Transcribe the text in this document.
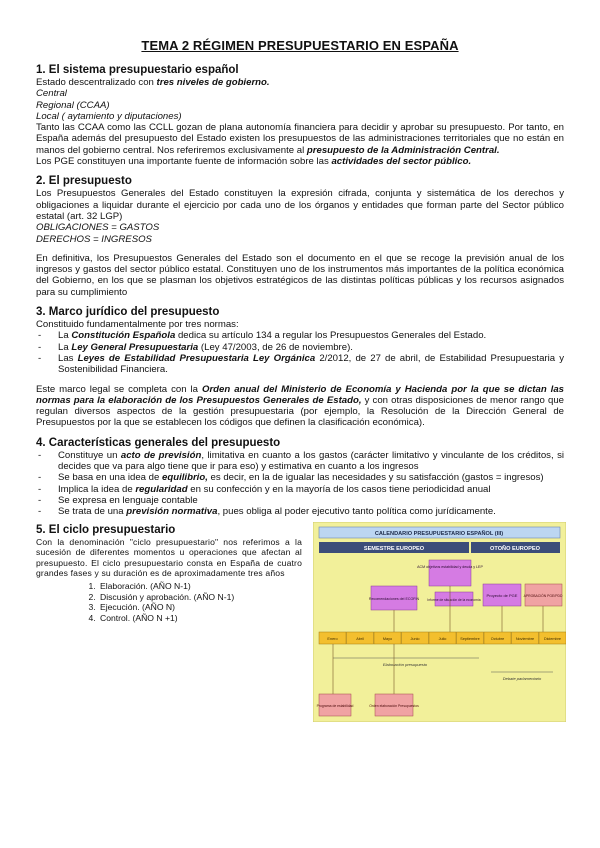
TEMA 2 RÉGIMEN PRESUPUESTARIO EN ESPAÑA
1. El sistema presupuestario español
Estado descentralizado con tres niveles de gobierno.
Central
Regional (CCAA)
Local ( aytamiento y diputaciones)
Tanto las CCAA como las CCLL gozan de plana autonomía financiera para decidir y aprobar su presupuesto. Por tanto, en España además del presupuesto del Estado existen los presupuestos de las administraciones territoriales que no están en manos del gobierno central. Nos referiremos exclusivamente al presupuesto de la Administración Central.
Los PGE constituyen una importante fuente de información sobre las actividades del sector público.
2. El presupuesto
Los Presupuestos Generales del Estado constituyen la expresión cifrada, conjunta y sistemática de los derechos y obligaciones a liquidar durante el ejercicio por cada uno de los órganos y entidades que forman parte del Sector público estatal (art. 32 LGP)
OBLIGACIONES = GASTOS
DERECHOS = INGRESOS
En definitiva, los Presupuestos Generales del Estado son el documento en el que se recoge la previsión anual de los ingresos y gastos del sector público estatal. Constituyen uno de los instrumentos más importantes de la política económica del Gobierno, en los que se plasman los objetivos estratégicos de las distintas políticas públicas y los recursos asignados para su cumplimiento
3. Marco jurídico del presupuesto
Constituido fundamentalmente por tres normas:
- La Constitución Española dedica su artículo 134 a regular los Presupuestos Generales del Estado.
- La Ley General Presupuestaria (Ley 47/2003, de 26 de noviembre).
- Las Leyes de Estabilidad Presupuestaria Ley Orgánica 2/2012, de 27 de abril, de Estabilidad Presupuestaria y Sostenibilidad Financiera.
Este marco legal se completa con la Orden anual del Ministerio de Economía y Hacienda por la que se dictan las normas para la elaboración de los Presupuestos Generales de Estado, y con otras disposiciones de menor rango que regulan diversos aspectos de la gestión presupuestaria (por ejemplo, la Resolución de la Dirección General de Presupuestos por la que se establecen los códigos que definen la clasificación económica).
4. Características generales del presupuesto
- Constituye un acto de previsión, limitativa en cuanto a los gastos (carácter limitativo y vinculante de los créditos, si decides que va para algo tiene que ir para eso) y estimativa en cuanto a los ingresos
- Se basa en una idea de equilibrio, es decir, en la de igualar las necesidades y su satisfacción (gastos = ingresos)
- Implica la idea de regularidad en su confección y en la mayoría de los casos tiene periodicidad anual
- Se expresa en lenguaje contable
- Se trata de una previsión normativa, pues obliga al poder ejecutivo tanto política como jurídicamente.
5. El ciclo presupuestario
Con la denominación "ciclo presupuestario" nos referimos a la sucesión de diferentes momentos u operaciones que afectan al presupuesto. El ciclo presupuestario consta en España de cuatro grandes fases y su duración es de aproximadamente tres años
1. Elaboración. (AÑO N-1)
2. Discusión y aprobación. (AÑO N-1)
3. Ejecución. (AÑO N)
4. Control. (AÑO N +1)
CALENDARIO PRESUPUESTARIO ESPAÑOL (III)
SEMESTRE EUROPEO	OTOÑO EUROPEO
ACM objetivos estabilidad y deuda y LEP
Recomendaciones del ECOFIN	Informe de situación de la economía
Proyecto de PGE APROBACIÓN PGE/PDD
Enero	Abril	Mayo	Junio	Julio	Septiembre	Octubre	Noviembre	Diciembre
Elaboración presupuesto
Debate parlamentario
Programa de estabilidad	Orden elaboración Presupuestos
